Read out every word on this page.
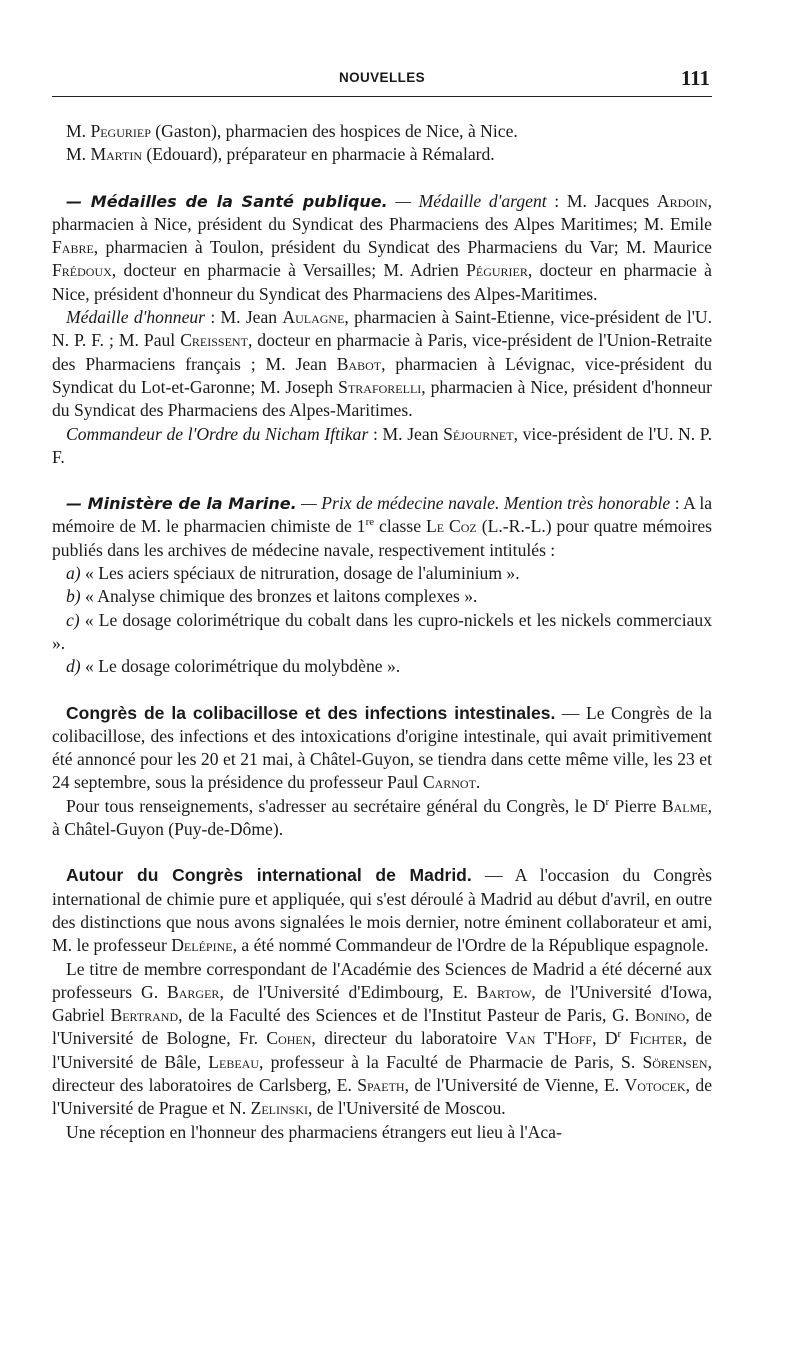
NOUVELLES	111

M. Peguriep (Gaston), pharmacien des hospices de Nice, à Nice.

M. Martin (Edouard), préparateur en pharmacie à Rémalard.

— Médailles de la Santé publique. — Médaille d'argent : M. Jacques Ardoin, pharmacien à Nice, président du Syndicat des Pharmaciens des Alpes Maritimes; M. Emile Fabre, pharmacien à Toulon, président du Syndicat des Pharmaciens du Var; M. Maurice Frédoux, docteur en pharmacie à Versailles; M. Adrien Pégurier, docteur en pharmacie à Nice, président d'honneur du Syndicat des Pharmaciens des Alpes-Maritimes.

Médaille d'honneur : M. Jean Aulagne, pharmacien à Saint-Etienne, vice-président de l'U. N. P. F. ; M. Paul Creissent, docteur en pharmacie à Paris, vice-président de l'Union-Retraite des Pharmaciens français ; M. Jean Babot, pharmacien à Lévignac, vice-président du Syndicat du Lot-et-Garonne; M. Joseph Straforelli, pharmacien à Nice, président d'honneur du Syndicat des Pharmaciens des Alpes-Maritimes.

Commandeur de l'Ordre du Nicham Iftikar : M. Jean Séjournet, vice-président de l'U. N. P. F.

— Ministère de la Marine. — Prix de médecine navale. Mention très honorable : A la mémoire de M. le pharmacien chimiste de 1re classe Le Coz (L.-R.-L.) pour quatre mémoires publiés dans les archives de médecine navale, respectivement intitulés :

a) « Les aciers spéciaux de nitruration, dosage de l'aluminium ».

b) « Analyse chimique des bronzes et laitons complexes ».

c) « Le dosage colorimétrique du cobalt dans les cupro-nickels et les nickels commerciaux ».

d) « Le dosage colorimétrique du molybdène ».

Congrès de la colibacillose et des infections intestinales. — Le Congrès de la colibacillose, des infections et des intoxications d'origine intestinale, qui avait primitivement été annoncé pour les 20 et 21 mai, à Châtel-Guyon, se tiendra dans cette même ville, les 23 et 24 septembre, sous la présidence du professeur Paul Carnot.

Pour tous renseignements, s'adresser au secrétaire général du Congrès, le $D^r$ Pierre Balme, à Châtel-Guyon (Puy-de-Dôme).

Autour du Congrès international de Madrid. — A l'occasion du Congrès international de chimie pure et appliquée, qui s'est déroulé à Madrid au début d'avril, en outre des distinctions que nous avons signalées le mois dernier, notre éminent collaborateur et ami, M. le professeur Delépine, a été nommé Commandeur de l'Ordre de la République espagnole.

Le titre de membre correspondant de l'Académie des Sciences de Madrid a été décerné aux professeurs G. Barger, de l'Université d'Edimbourg, E. Bartow, de l'Université d'Iowa, Gabriel Bertrand, de la Faculté des Sciences et de l'Institut Pasteur de Paris, G. Bonino, de l'Université de Bologne, Fr. Cohen, directeur du laboratoire Van T'Hoff, $D^r$ Fichter, de l'Université de Bâle, Lebeau, professeur à la Faculté de Pharmacie de Paris, S. Sörensen, directeur des laboratoires de Carlsberg, E. Spaeth, de l'Université de Vienne, E. Votocek, de l'Université de Prague et N. Zelinski, de l'Université de Moscou.

Une réception en l'honneur des pharmaciens étrangers eut lieu à l'Aca-
